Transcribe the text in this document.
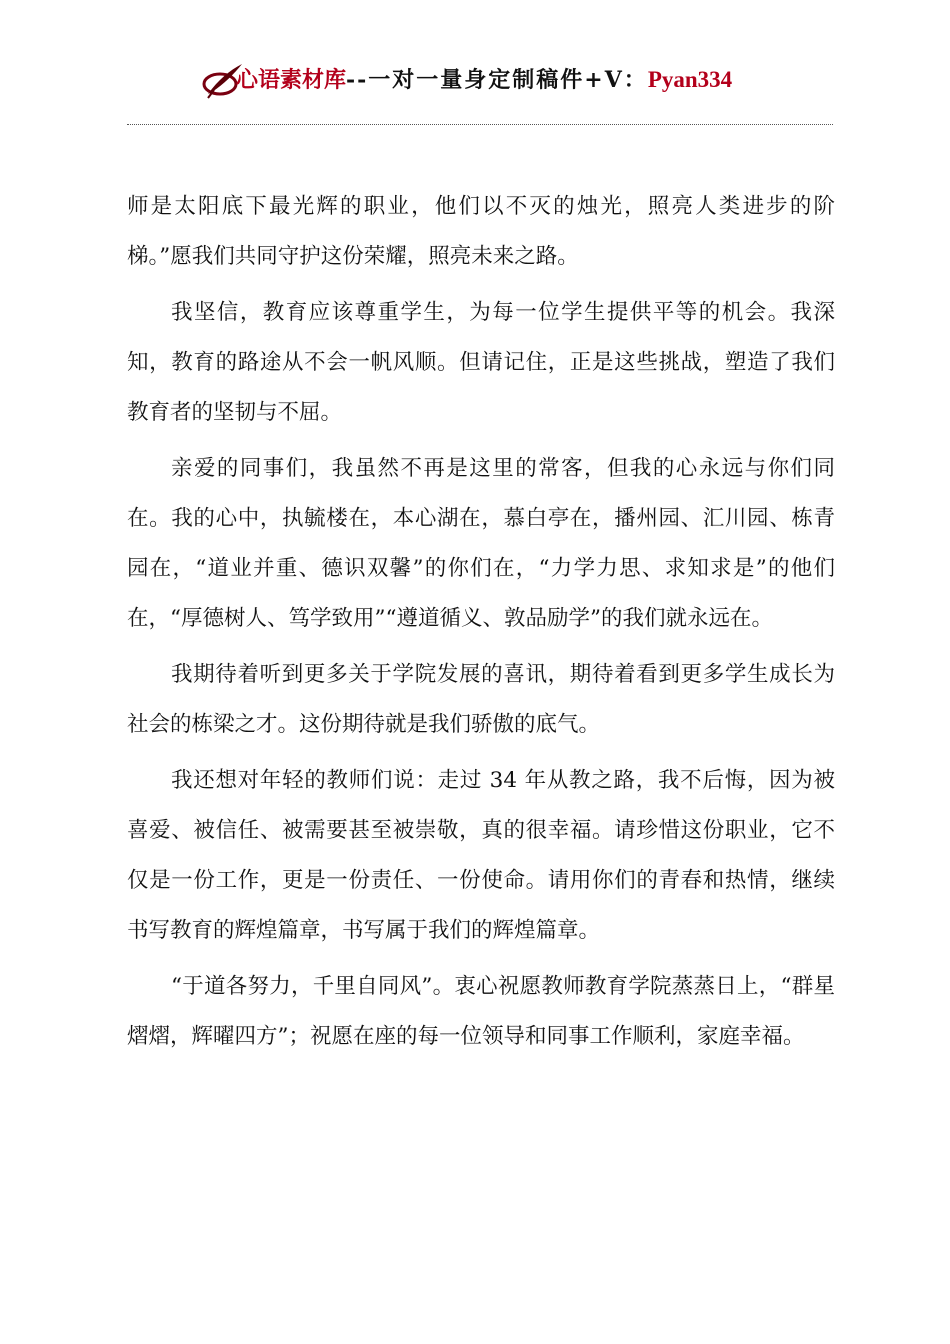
心语素材库--一对一量身定制稿件+V：Pyan334

师是太阳底下最光辉的职业，他们以不灭的烛光，照亮人类进步的阶梯。”愿我们共同守护这份荣耀，照亮未来之路。

我坚信，教育应该尊重学生，为每一位学生提供平等的机会。我深知，教育的路途从不会一帆风顺。但请记住，正是这些挑战，塑造了我们教育者的坚韧与不屈。

亲爱的同事们，我虽然不再是这里的常客，但我的心永远与你们同在。我的心中，执毓楼在，本心湖在，慕白亭在，播州园、汇川园、栋青园在，“道业并重、德识双馨”的你们在，“力学力思、求知求是”的他们在，“厚德树人、笃学致用”“遵道循义、敦品励学”的我们就永远在。

我期待着听到更多关于学院发展的喜讯，期待着看到更多学生成长为社会的栋梁之才。这份期待就是我们骄傲的底气。

我还想对年轻的教师们说：走过 34 年从教之路，我不后悔，因为被喜爱、被信任、被需要甚至被崇敬，真的很幸福。请珍惜这份职业，它不仅是一份工作，更是一份责任、一份使命。请用你们的青春和热情，继续书写教育的辉煌篇章，书写属于我们的辉煌篇章。

“于道各努力，千里自同风”。衷心祝愿教师教育学院蒸蒸日上，“群星熠熠，辉曜四方”；祝愿在座的每一位领导和同事工作顺利，家庭幸福。
